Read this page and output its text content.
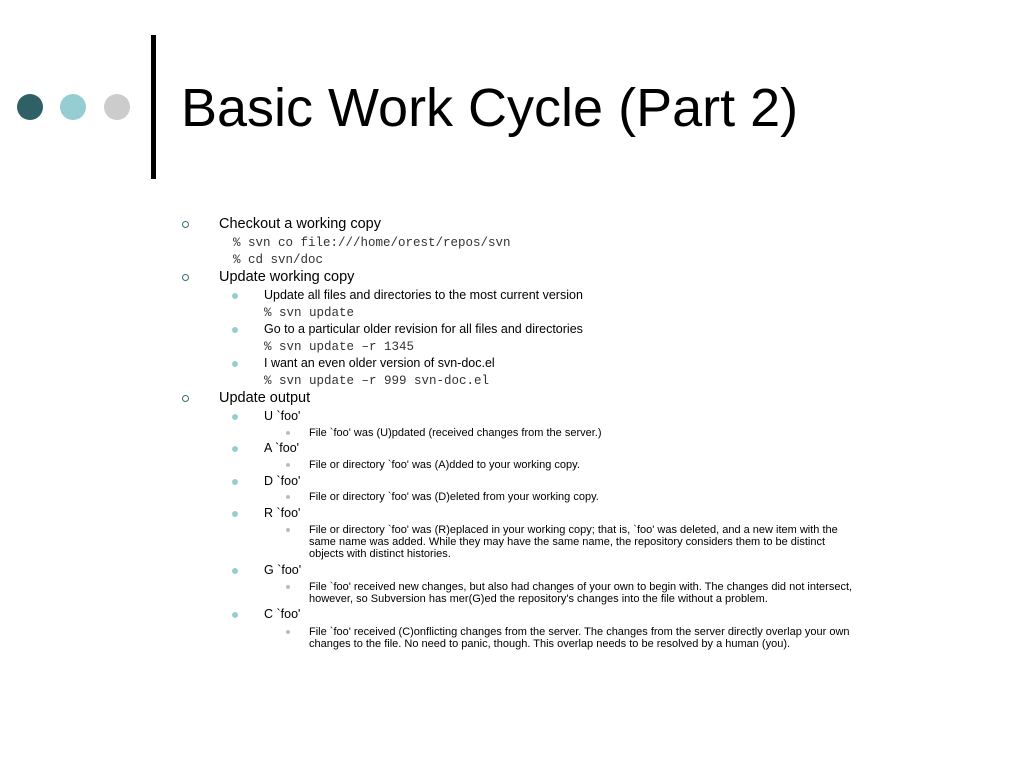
Basic Work Cycle (Part 2)
Checkout a working copy
% svn co file:///home/orest/repos/svn
% cd svn/doc
Update working copy
Update all files and directories to the most current version
% svn update
Go to a particular older revision for all files and directories
% svn update –r 1345
I want an even older version of svn-doc.el
% svn update –r 999 svn-doc.el
Update output
U `foo'
File `foo' was (U)pdated (received changes from the server.)
A `foo'
File or directory `foo' was (A)dded to your working copy.
D `foo'
File or directory `foo' was (D)eleted from your working copy.
R `foo'
File or directory `foo' was (R)eplaced in your working copy; that is, `foo' was deleted, and a new item with the
same name was added. While they may have the same name, the repository considers them to be distinct
objects with distinct histories.
G `foo'
File `foo' received new changes, but also had changes of your own to begin with. The changes did not intersect,
however, so Subversion has mer(G)ed the repository's changes into the file without a problem.
C `foo'
File `foo' received (C)onflicting changes from the server. The changes from the server directly overlap your own
changes to the file. No need to panic, though. This overlap needs to be resolved by a human (you).
